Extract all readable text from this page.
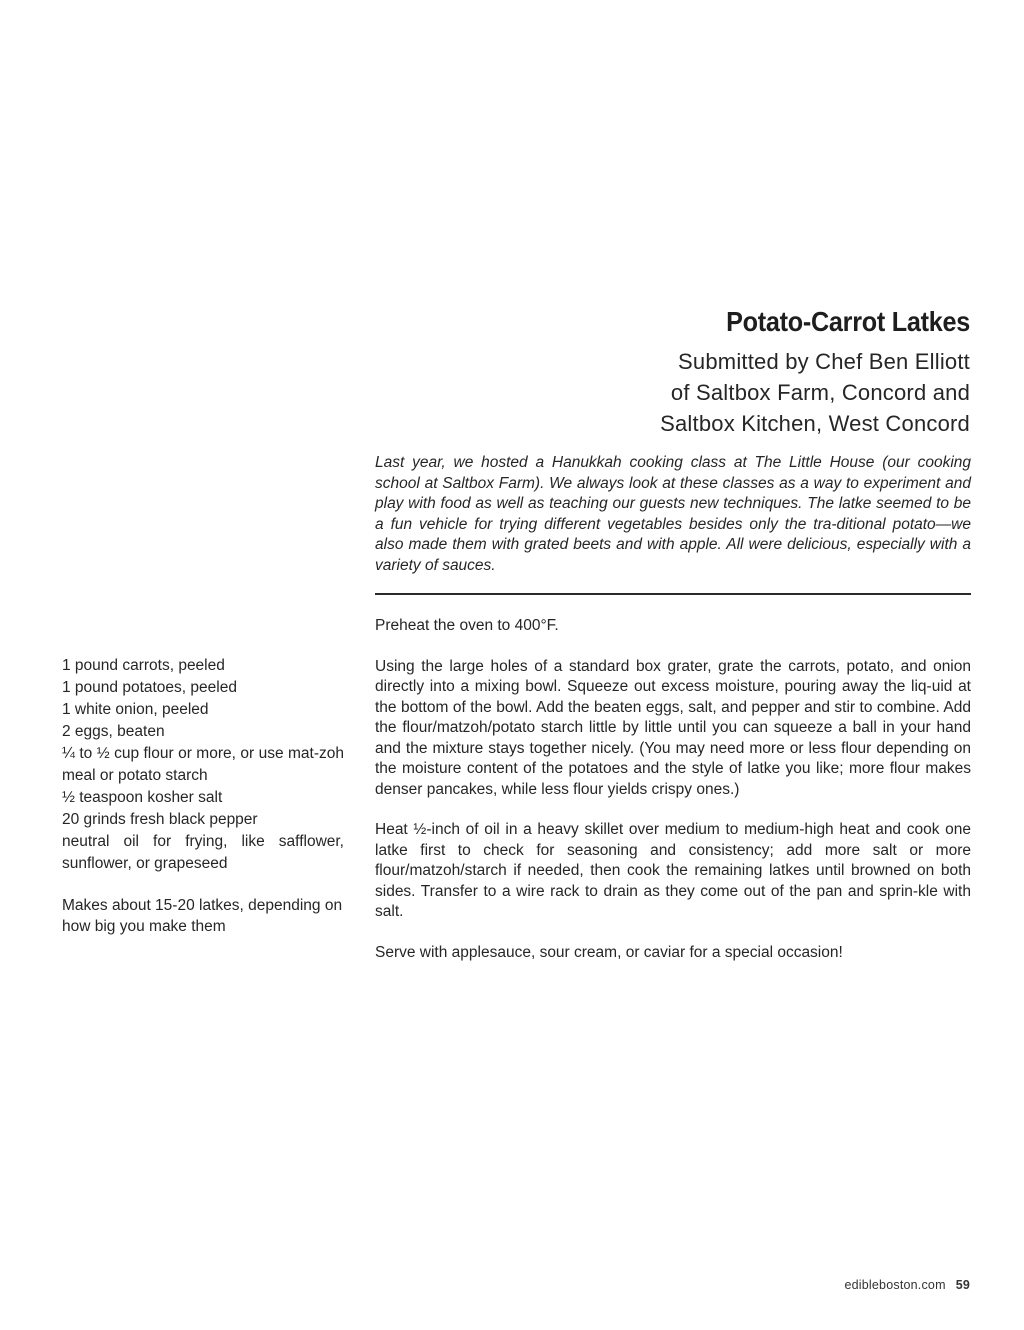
Potato-Carrot Latkes
Submitted by Chef Ben Elliott
of Saltbox Farm, Concord and
Saltbox Kitchen, West Concord

Last year, we hosted a Hanukkah cooking class at The Little House (our cooking school at Saltbox Farm). We always look at these classes as a way to experiment and play with food as well as teaching our guests new techniques. The latke seemed to be a fun vehicle for trying different vegetables besides only the tra-ditional potato—we also made them with grated beets and with apple. All were delicious, especially with a variety of sauces.

1 pound carrots, peeled
1 pound potatoes, peeled
1 white onion, peeled
2 eggs, beaten
¼ to ½ cup flour or more, or use mat-zoh meal or potato starch
½ teaspoon kosher salt
20 grinds fresh black pepper
neutral oil for frying, like safflower, sunflower, or grapeseed

Makes about 15-20 latkes, depending on how big you make them

Preheat the oven to 400°F.

Using the large holes of a standard box grater, grate the carrots, potato, and onion directly into a mixing bowl. Squeeze out excess moisture, pouring away the liq-uid at the bottom of the bowl. Add the beaten eggs, salt, and pepper and stir to combine. Add the flour/matzoh/potato starch little by little until you can squeeze a ball in your hand and the mixture stays together nicely. (You may need more or less flour depending on the moisture content of the potatoes and the style of latke you like; more flour makes denser pancakes, while less flour yields crispy ones.)

Heat ½-inch of oil in a heavy skillet over medium to medium-high heat and cook one latke first to check for seasoning and consistency; add more salt or more flour/matzoh/starch if needed, then cook the remaining latkes until browned on both sides. Transfer to a wire rack to drain as they come out of the pan and sprin-kle with salt.

Serve with applesauce, sour cream, or caviar for a special occasion!

edibleboston.com 59
